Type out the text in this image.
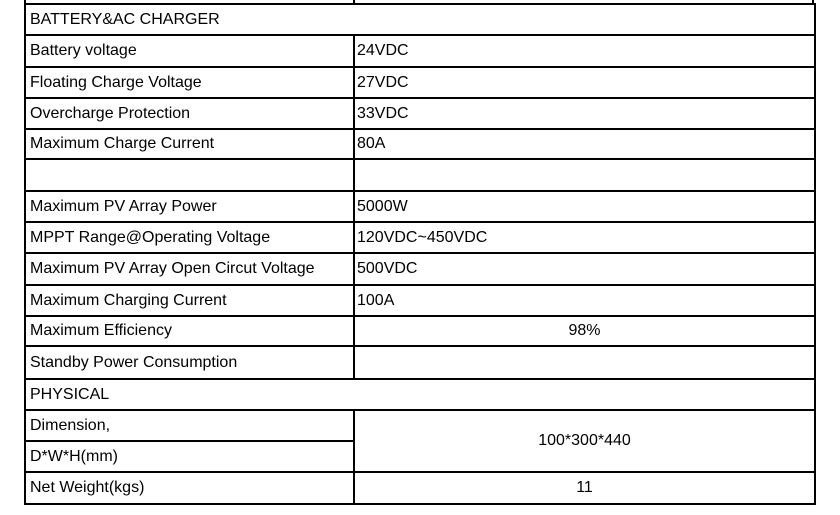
BATTERY&AC CHARGER	
Battery voltage	24VDC
Floating Charge Voltage	27VDC
Overcharge Protection	33VDC
Maximum Charge Current	80A

Maximum PV Array Power	5000W
MPPT Range@Operating Voltage	120VDC~450VDC
Maximum PV Array Open Circut Voltage	500VDC
Maximum Charging Current	100A
Maximum Efficiency	98%
Standby Power Consumption	
PHYSICAL	
Dimension,	100*300*440
D*W*H(mm)	
Net Weight(kgs)	11
